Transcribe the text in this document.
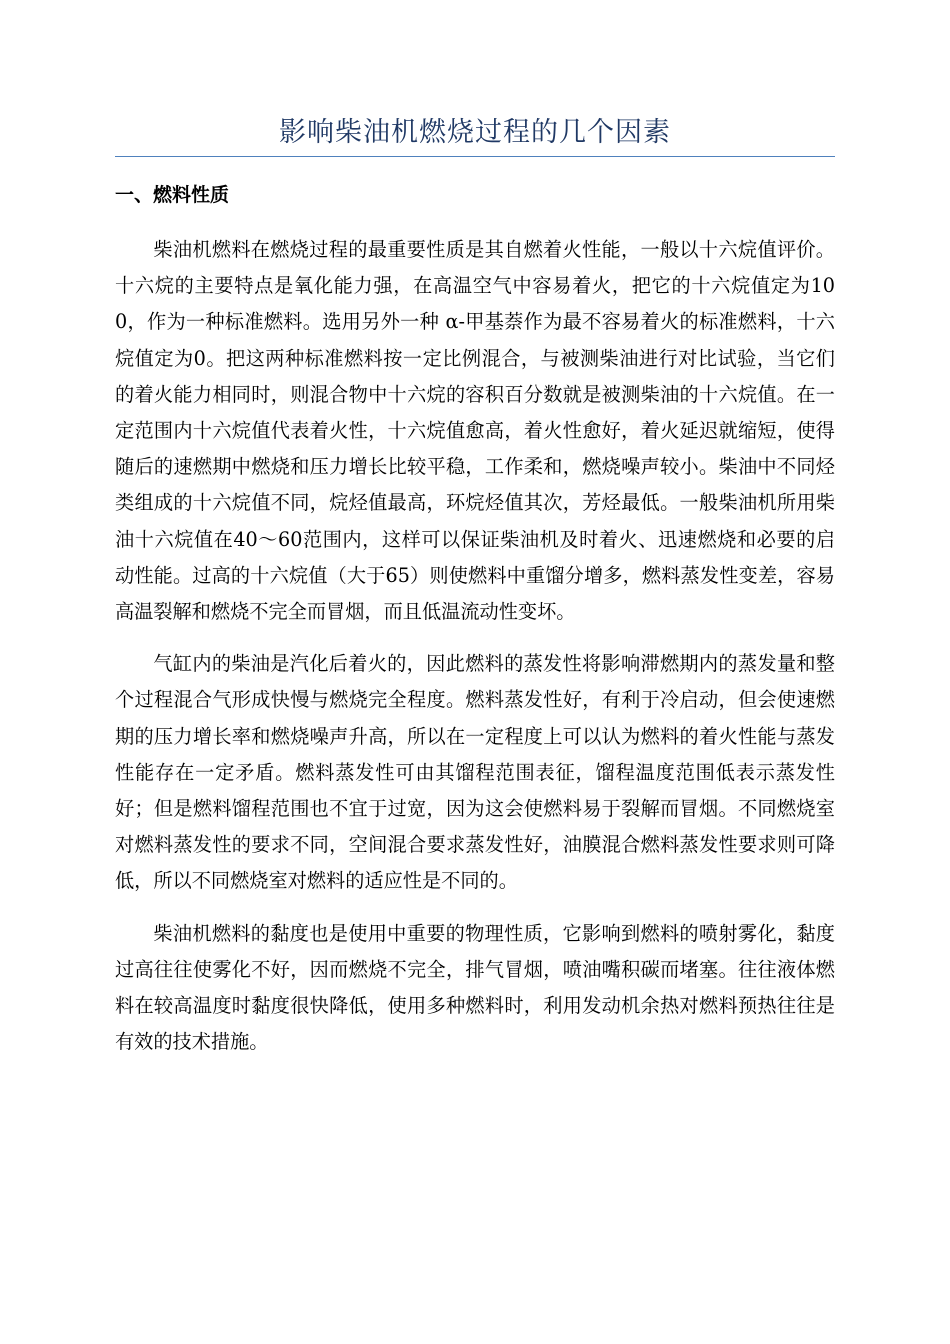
影响柴油机燃烧过程的几个因素
一、燃料性质

柴油机燃料在燃烧过程的最重要性质是其自燃着火性能，一般以十六烷值评价。十六烷的主要特点是氧化能力强，在高温空气中容易着火，把它的十六烷值定为100，作为一种标准燃料。选用另外一种 α-甲基萘作为最不容易着火的标准燃料，十六烷值定为0。把这两种标准燃料按一定比例混合，与被测柴油进行对比试验，当它们的着火能力相同时，则混合物中十六烷的容积百分数就是被测柴油的十六烷值。在一定范围内十六烷值代表着火性，十六烷值愈高，着火性愈好，着火延迟就缩短，使得随后的速燃期中燃烧和压力增长比较平稳，工作柔和，燃烧噪声较小。柴油中不同烃类组成的十六烷值不同，烷烃值最高，环烷烃值其次，芳烃最低。一般柴油机所用柴油十六烷值在40～60范围内，这样可以保证柴油机及时着火、迅速燃烧和必要的启动性能。过高的十六烷值（大于65）则使燃料中重馏分增多，燃料蒸发性变差，容易高温裂解和燃烧不完全而冒烟，而且低温流动性变坏。

气缸内的柴油是汽化后着火的，因此燃料的蒸发性将影响滞燃期内的蒸发量和整个过程混合气形成快慢与燃烧完全程度。燃料蒸发性好，有利于冷启动，但会使速燃期的压力增长率和燃烧噪声升高，所以在一定程度上可以认为燃料的着火性能与蒸发性能存在一定矛盾。燃料蒸发性可由其馏程范围表征，馏程温度范围低表示蒸发性好；但是燃料馏程范围也不宜于过宽，因为这会使燃料易于裂解而冒烟。不同燃烧室对燃料蒸发性的要求不同，空间混合要求蒸发性好，油膜混合燃料蒸发性要求则可降低，所以不同燃烧室对燃料的适应性是不同的。

柴油机燃料的黏度也是使用中重要的物理性质，它影响到燃料的喷射雾化，黏度过高往往使雾化不好，因而燃烧不完全，排气冒烟，喷油嘴积碳而堵塞。往往液体燃料在较高温度时黏度很快降低，使用多种燃料时，利用发动机余热对燃料预热往往是有效的技术措施。
